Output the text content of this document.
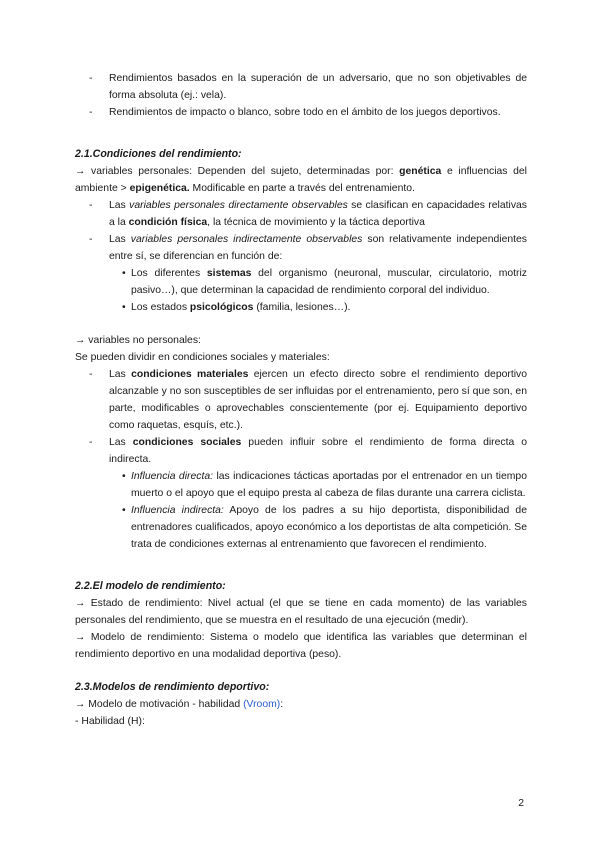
- Rendimientos basados en la superación de un adversario, que no son objetivables de forma absoluta (ej.: vela).
- Rendimientos de impacto o blanco, sobre todo en el ámbito de los juegos deportivos.
2.1.Condiciones del rendimiento:
→ variables personales: Dependen del sujeto, determinadas por: genética e influencias del ambiente > epigenética. Modificable en parte a través del entrenamiento.
- Las variables personales directamente observables se clasifican en capacidades relativas a la condición física, la técnica de movimiento y la táctica deportiva
- Las variables personales indirectamente observables son relativamente independientes entre sí, se diferencian en función de:
• Los diferentes sistemas del organismo (neuronal, muscular, circulatorio, motriz pasivo…), que determinan la capacidad de rendimiento corporal del individuo.
• Los estados psicológicos (familia, lesiones…).
→ variables no personales:
Se pueden dividir en condiciones sociales y materiales:
- Las condiciones materiales ejercen un efecto directo sobre el rendimiento deportivo alcanzable y no son susceptibles de ser influidas por el entrenamiento, pero sí que son, en parte, modificables o aprovechables conscientemente (por ej. Equipamiento deportivo como raquetas, esquís, etc.).
- Las condiciones sociales pueden influir sobre el rendimiento de forma directa o indirecta.
• Influencia directa: las indicaciones tácticas aportadas por el entrenador en un tiempo muerto o el apoyo que el equipo presta al cabeza de filas durante una carrera ciclista.
• Influencia indirecta: Apoyo de los padres a su hijo deportista, disponibilidad de entrenadores cualificados, apoyo económico a los deportistas de alta competición. Se trata de condiciones externas al entrenamiento que favorecen el rendimiento.
2.2.El modelo de rendimiento:
→ Estado de rendimiento: Nivel actual (el que se tiene en cada momento) de las variables personales del rendimiento, que se muestra en el resultado de una ejecución (medir).
→ Modelo de rendimiento: Sistema o modelo que identifica las variables que determinan el rendimiento deportivo en una modalidad deportiva (peso).
2.3.Modelos de rendimiento deportivo:
→ Modelo de motivación - habilidad (Vroom):
- Habilidad (H):
2
